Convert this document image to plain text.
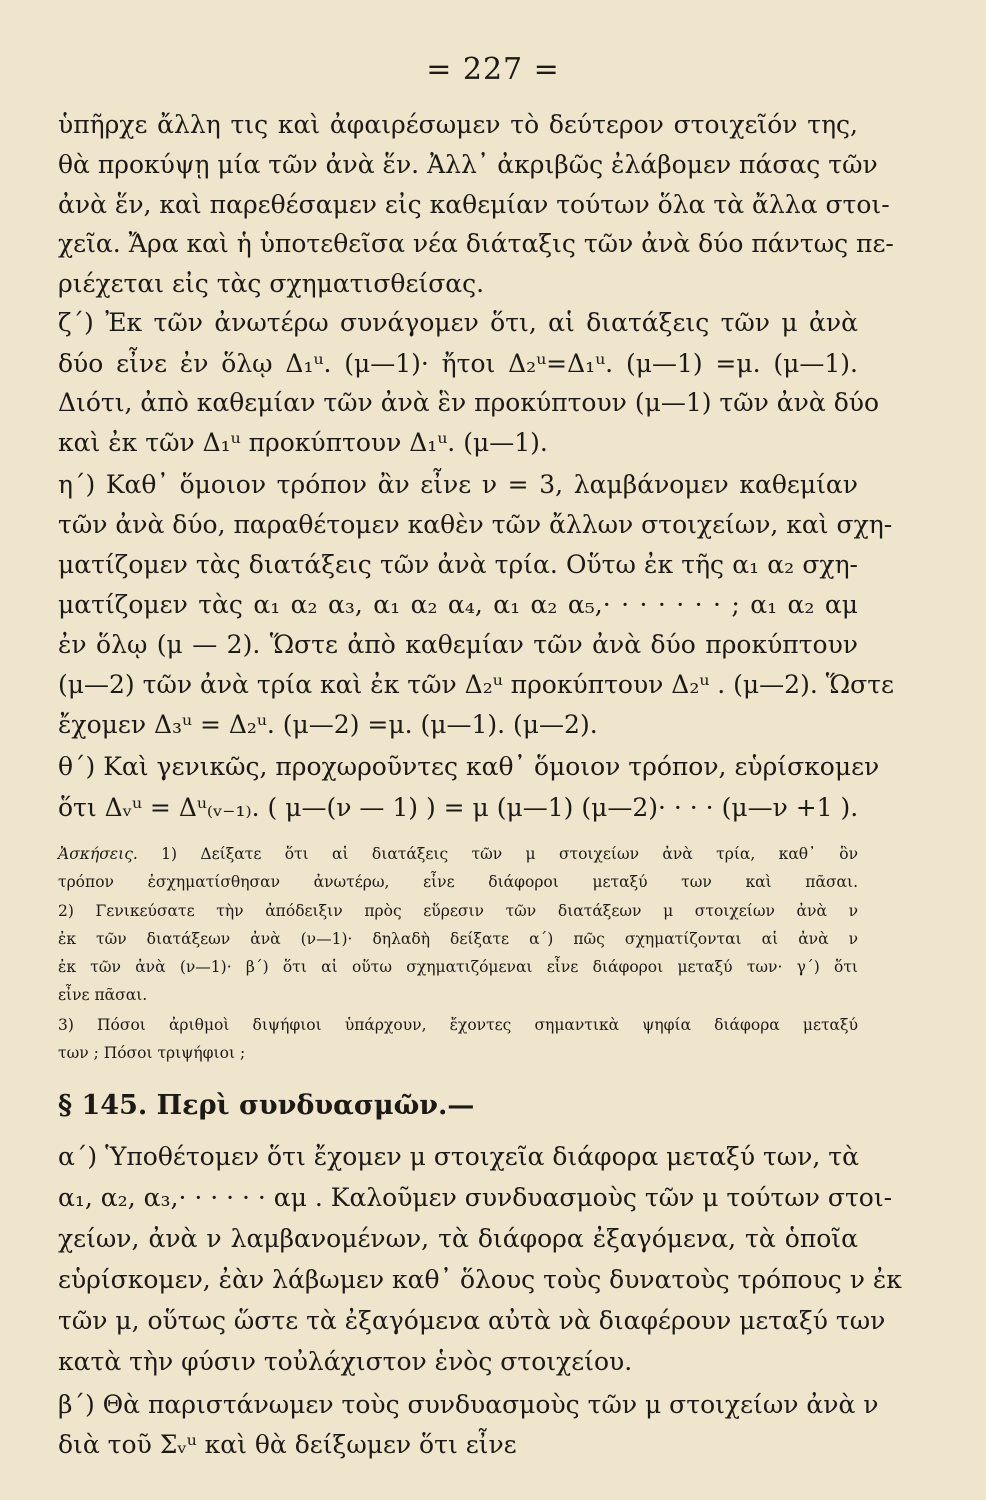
= 227 =
ὑπῆρχε ἄλλη τις καὶ ἀφαιρέσωμεν τὸ δεύτερον στοιχεῖόν της,
θὰ προκύψῃ μία τῶν ἀνὰ ἕν. Ἀλλ᾽ ἀκριβῶς ἐλάβομεν πάσας τῶν
ἀνὰ ἕν, καὶ παρεθέσαμεν εἰς καθεμίαν τούτων ὅλα τὰ ἄλλα στοι-
χεῖα. Ἄρα καὶ ἡ ὑποτεθεῖσα νέα διάταξις τῶν ἀνὰ δύο πάντως πε-
ριέχεται εἰς τὰς σχηματισθείσας.
ζ΄) Ἐκ τῶν ἀνωτέρω συνάγομεν ὅτι, αἱ διατάξεις τῶν μ ἀνὰ
δύο εἶνε ἐν ὅλῳ Δ₁ᵘ. (μ—1)· ἤτοι Δ₂ᵘ=Δ₁ᵘ. (μ—1) =μ. (μ—1).
Διότι, ἀπὸ καθεμίαν τῶν ἀνὰ ἓν προκύπτουν (μ—1) τῶν ἀνὰ δύο
καὶ ἐκ τῶν Δ₁ᵘ προκύπτουν Δ₁ᵘ. (μ—1).
η΄) Καθ᾽ ὅμοιον τρόπον ἂν εἶνε ν = 3, λαμβάνομεν καθεμίαν
τῶν ἀνὰ δύο, παραθέτομεν καθὲν τῶν ἄλλων στοιχείων, καὶ σχη-
ματίζομεν τὰς διατάξεις τῶν ἀνὰ τρία. Οὕτω ἐκ τῆς α₁ α₂ σχη-
ματίζομεν τὰς α₁ α₂ α₃, α₁ α₂ α₄, α₁ α₂ α₅,· · · · · · · ; α₁ α₂ αμ
ἐν ὅλῳ (μ — 2). Ὥστε ἀπὸ καθεμίαν τῶν ἀνὰ δύο προκύπτουν
(μ—2) τῶν ἀνὰ τρία καὶ ἐκ τῶν Δ₂ᵘ προκύπτουν Δ₂ᵘ . (μ—2). Ὥστε
ἔχομεν Δ₃ᵘ = Δ₂ᵘ. (μ—2) =μ. (μ—1). (μ—2).
θ΄) Καὶ γενικῶς, προχωροῦντες καθ᾽ ὅμοιον τρόπον, εὑρίσκομεν
ὅτι Δᵥᵘ = Δᵘ₍ᵥ₋₁₎. ( μ—(ν — 1) ) = μ (μ—1) (μ—2)· · · · (μ—ν +1 ).
Ἀσκήσεις. 1) Δείξατε ὅτι αἱ διατάξεις τῶν μ στοιχείων ἀνὰ τρία, καθ᾽ ὃν
τρόπον ἐσχηματίσθησαν ἀνωτέρω, εἶνε διάφοροι μεταξύ των καὶ πᾶσαι.
2) Γενικεύσατε τὴν ἀπόδειξιν πρὸς εὕρεσιν τῶν διατάξεων μ στοιχείων ἀνὰ ν
ἐκ τῶν διατάξεων ἀνὰ (ν—1)· δηλαδὴ δείξατε α΄) πῶς σχηματίζονται αἱ ἀνὰ ν
ἐκ τῶν ἀνὰ (ν—1)· β΄) ὅτι αἱ οὕτω σχηματιζόμεναι εἶνε διάφοροι μεταξύ των· γ΄) ὅτι
εἶνε πᾶσαι.
3) Πόσοι ἀριθμοὶ διψήφιοι ὑπάρχουν, ἔχοντες σημαντικὰ ψηφία διάφορα μεταξύ
των ; Πόσοι τριψήφιοι ;
§ 145. Περὶ συνδυασμῶν.—
α΄) Ὑποθέτομεν ὅτι ἔχομεν μ στοιχεῖα διάφορα μεταξύ των, τὰ
α₁, α₂, α₃,· · · · · · αμ . Καλοῦμεν συνδυασμοὺς τῶν μ τούτων στοι-
χείων, ἀνὰ ν λαμβανομένων, τὰ διάφορα ἐξαγόμενα, τὰ ὁποῖα
εὑρίσκομεν, ἐὰν λάβωμεν καθ᾽ ὅλους τοὺς δυνατοὺς τρόπους ν ἐκ
τῶν μ, οὕτως ὥστε τὰ ἐξαγόμενα αὐτὰ νὰ διαφέρουν μεταξύ των
κατὰ τὴν φύσιν τοὐλάχιστον ἑνὸς στοιχείου.
β΄) Θὰ παριστάνωμεν τοὺς συνδυασμοὺς τῶν μ στοιχείων ἀνὰ ν
διὰ τοῦ Σᵥᵘ καὶ θὰ δείξωμεν ὅτι εἶνε
